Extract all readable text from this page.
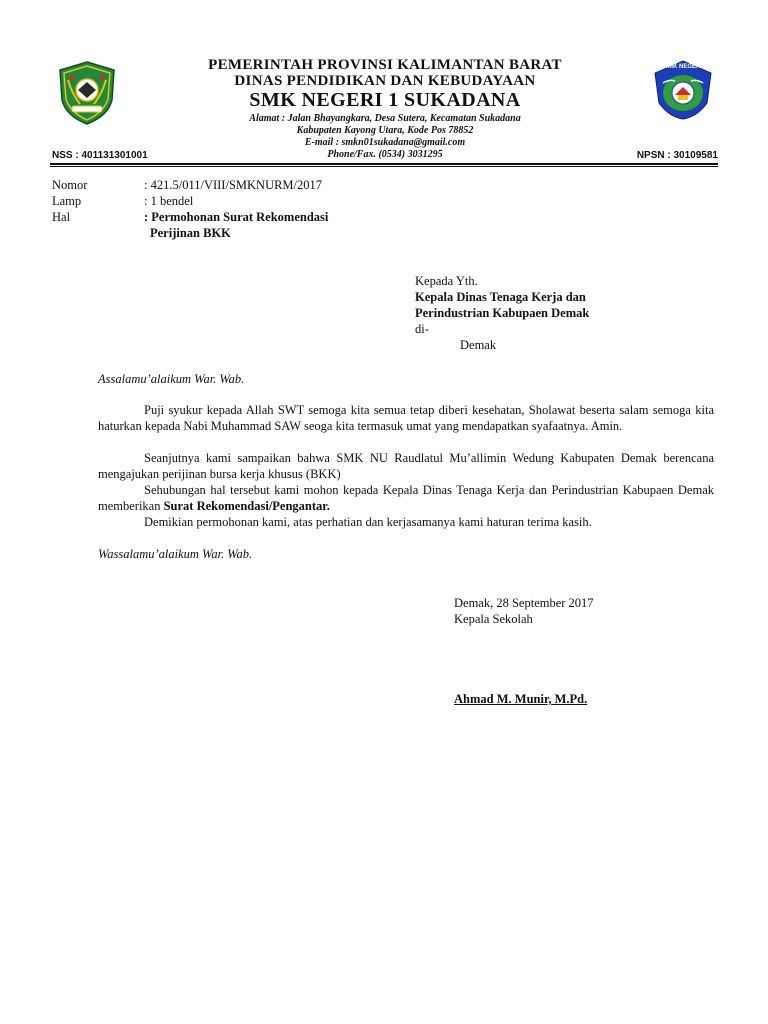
SMK NEGERI 1
PEMERINTAH PROVINSI KALIMANTAN BARAT
DINAS PENDIDIKAN DAN KEBUDAYAAN
SMK NEGERI 1 SUKADANA
Alamat : Jalan Bhayangkara, Desa Sutera, Kecamatan Sukadana
Kabupaten Kayong Utara, Kode Pos 78852
E-mail : smkn01sukadana@gmail.com
Phone/Fax. (0534) 3031295
NSS : 401131301001	NPSN : 30109581
Nomor	: 421.5/011/VIII/SMKNURM/2017
Lamp	: 1 bendel
Hal	: Permohonan Surat Rekomendasi
Perijinan BKK
Kepada Yth.
Kepala Dinas Tenaga Kerja dan
Perindustrian Kabupaen Demak
di-
Demak
Assalamu’alaikum War. Wab.
Puji syukur kepada Allah SWT semoga kita semua tetap diberi kesehatan, Sholawat beserta salam semoga kita haturkan kepada Nabi Muhammad SAW seoga kita termasuk umat yang mendapatkan syafaatnya. Amin.
Seanjutnya kami sampaikan bahwa SMK NU Raudlatul Mu’allimin Wedung Kabupaten Demak berencana mengajukan perijinan bursa kerja khusus (BKK)
Sehubungan hal tersebut kami mohon kepada Kepala Dinas Tenaga Kerja dan Perindustrian Kabupaen Demak memberikan Surat Rekomendasi/Pengantar.
Demikian permohonan kami, atas perhatian dan kerjasamanya kami haturan terima kasih.
Wassalamu’alaikum War. Wab.
Demak, 28 September 2017
Kepala Sekolah
Ahmad M. Munir, M.Pd.
